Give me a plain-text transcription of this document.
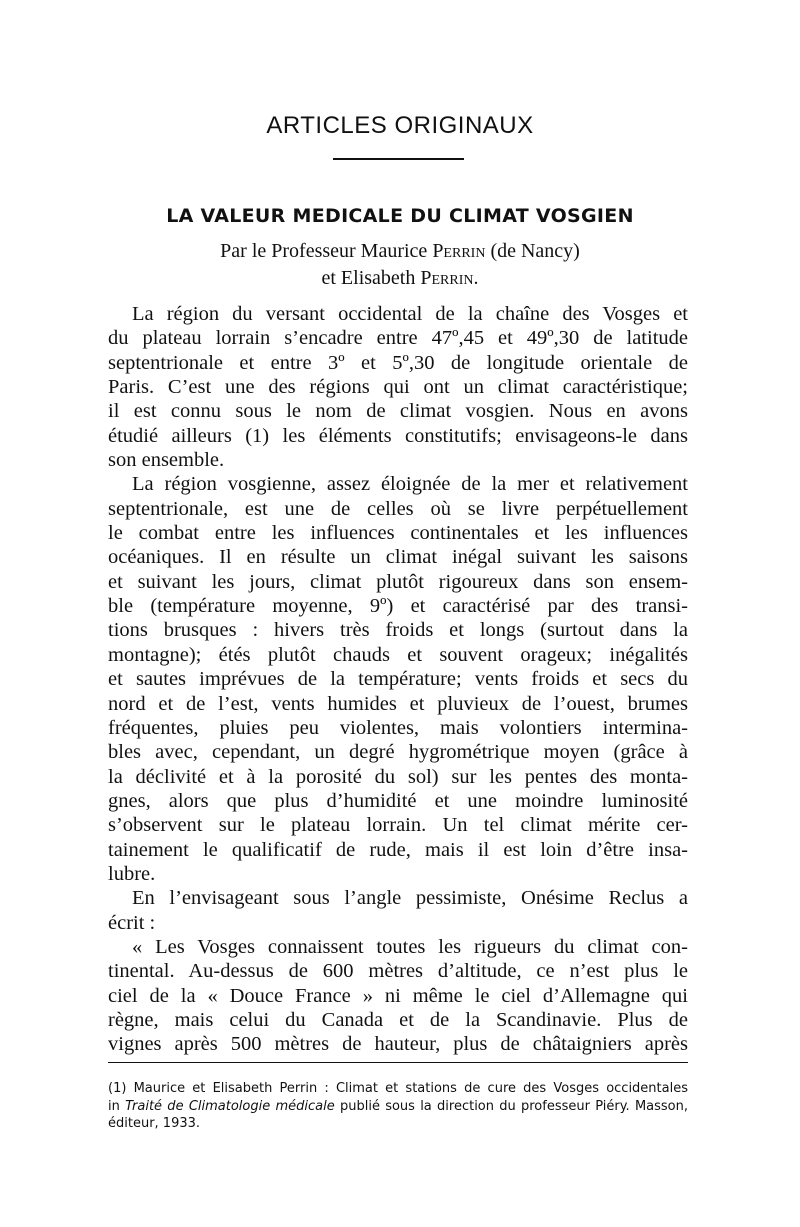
ARTICLES ORIGINAUX
LA VALEUR MEDICALE DU CLIMAT VOSGIEN
Par le Professeur Maurice Perrin (de Nancy)
et Elisabeth Perrin.
La région du versant occidental de la chaîne des Vosges et
du plateau lorrain s’encadre entre 47º,45 et 49º,30 de latitude
septentrionale et entre 3º et 5º,30 de longitude orientale de
Paris. C’est une des régions qui ont un climat caractéristique;
il est connu sous le nom de climat vosgien. Nous en avons
étudié ailleurs (1) les éléments constitutifs; envisageons-le dans
son ensemble.
La région vosgienne, assez éloignée de la mer et relativement
septentrionale, est une de celles où se livre perpétuellement
le combat entre les influences continentales et les influences
océaniques. Il en résulte un climat inégal suivant les saisons
et suivant les jours, climat plutôt rigoureux dans son ensem-
ble (température moyenne, 9º) et caractérisé par des transi-
tions brusques : hivers très froids et longs (surtout dans la
montagne); étés plutôt chauds et souvent orageux; inégalités
et sautes imprévues de la température; vents froids et secs du
nord et de l’est, vents humides et pluvieux de l’ouest, brumes
fréquentes, pluies peu violentes, mais volontiers intermina-
bles avec, cependant, un degré hygrométrique moyen (grâce à
la déclivité et à la porosité du sol) sur les pentes des monta-
gnes, alors que plus d’humidité et une moindre luminosité
s’observent sur le plateau lorrain. Un tel climat mérite cer-
tainement le qualificatif de rude, mais il est loin d’être insa-
lubre.
En l’envisageant sous l’angle pessimiste, Onésime Reclus a
écrit :
« Les Vosges connaissent toutes les rigueurs du climat con-
tinental. Au-dessus de 600 mètres d’altitude, ce n’est plus le
ciel de la « Douce France » ni même le ciel d’Allemagne qui
règne, mais celui du Canada et de la Scandinavie. Plus de
vignes après 500 mètres de hauteur, plus de châtaigniers après
(1) Maurice et Elisabeth Perrin : Climat et stations de cure des Vosges occidentales
in Traité de Climatologie médicale publié sous la direction du professeur Piéry. Masson,
éditeur, 1933.
